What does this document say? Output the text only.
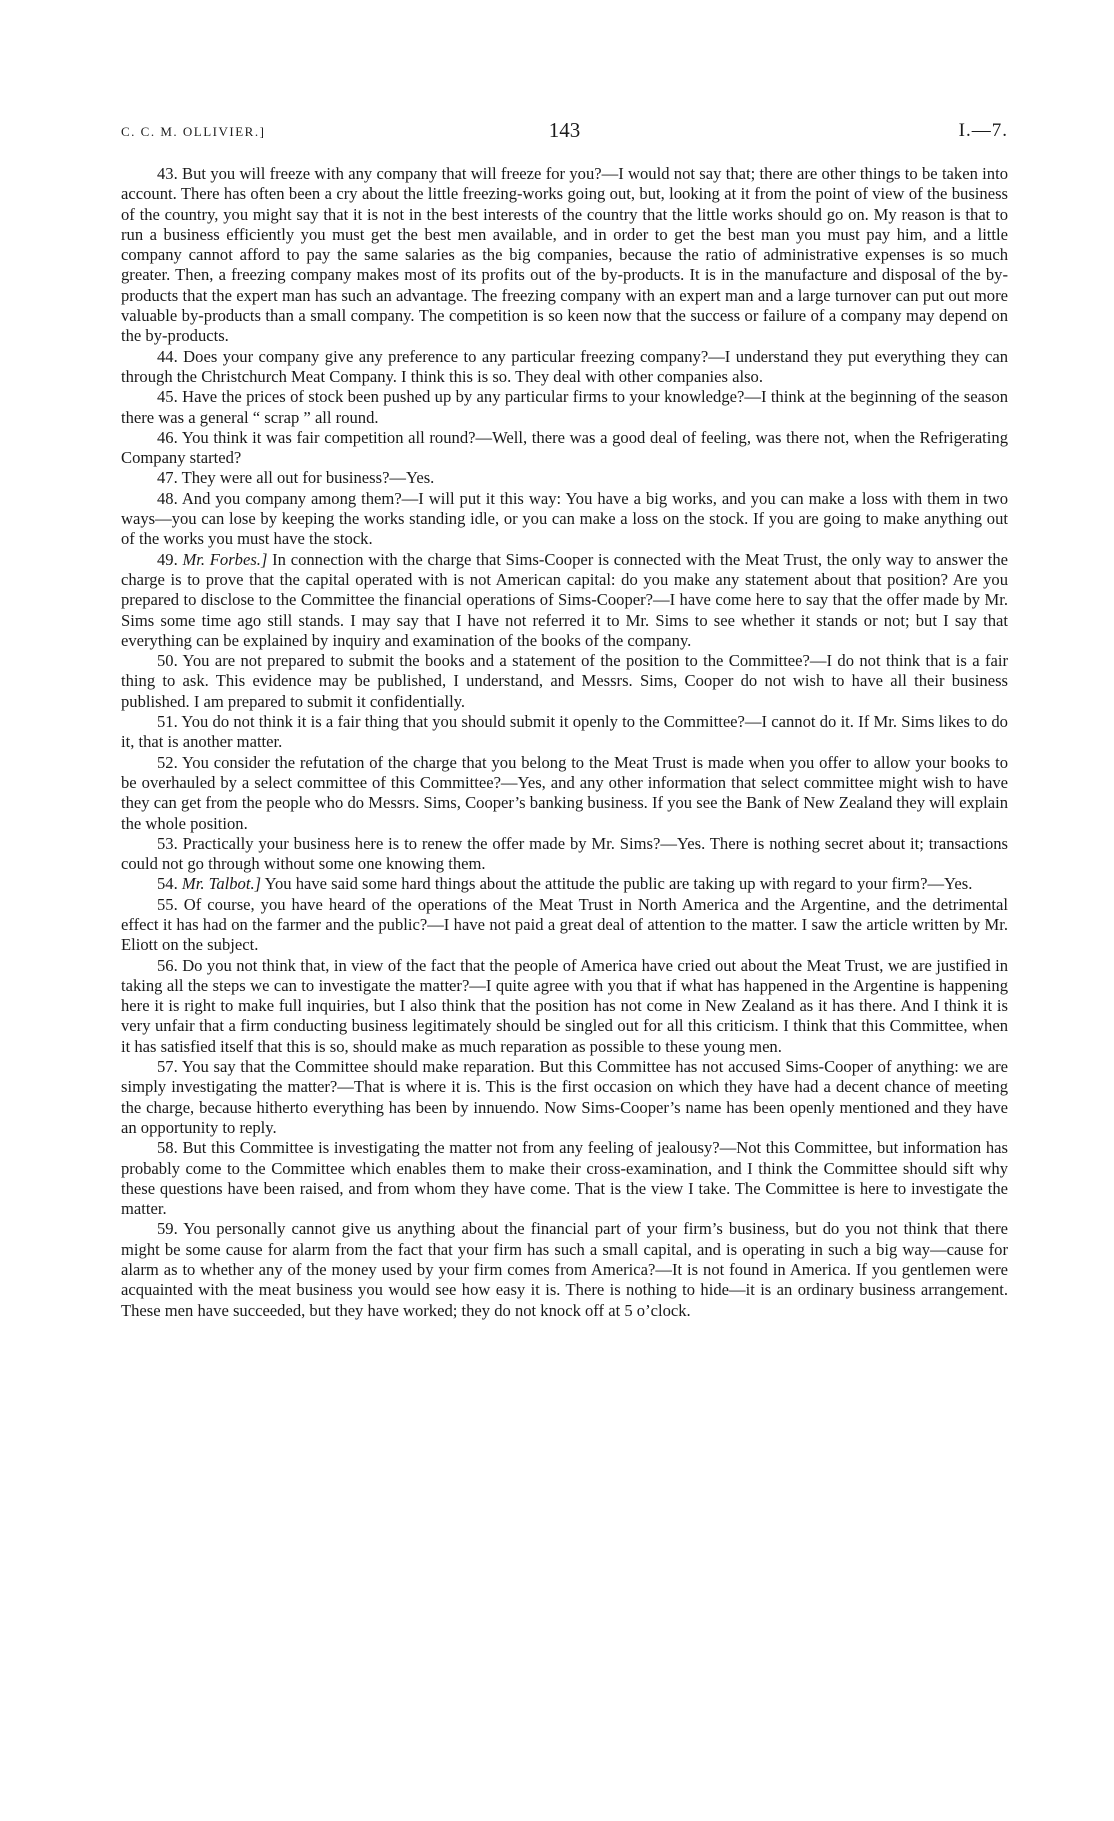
C. C. M. OLLIVIER.]	143	I.—7.

43. But you will freeze with any company that will freeze for you?—I would not say that; there are other things to be taken into account. There has often been a cry about the little freezing-works going out, but, looking at it from the point of view of the business of the country, you might say that it is not in the best interests of the country that the little works should go on. My reason is that to run a business efficiently you must get the best men available, and in order to get the best man you must pay him, and a little company cannot afford to pay the same salaries as the big companies, because the ratio of administrative expenses is so much greater. Then, a freezing company makes most of its profits out of the by-products. It is in the manufacture and disposal of the by-products that the expert man has such an advantage. The freezing company with an expert man and a large turnover can put out more valuable by-products than a small company. The competition is so keen now that the success or failure of a company may depend on the by-products.

44. Does your company give any preference to any particular freezing company?—I understand they put everything they can through the Christchurch Meat Company. I think this is so. They deal with other companies also.

45. Have the prices of stock been pushed up by any particular firms to your knowledge?—I think at the beginning of the season there was a general “ scrap ” all round.

46. You think it was fair competition all round?—Well, there was a good deal of feeling, was there not, when the Refrigerating Company started?

47. They were all out for business?—Yes.

48. And you company among them?—I will put it this way: You have a big works, and you can make a loss with them in two ways—you can lose by keeping the works standing idle, or you can make a loss on the stock. If you are going to make anything out of the works you must have the stock.

49. Mr. Forbes.] In connection with the charge that Sims-Cooper is connected with the Meat Trust, the only way to answer the charge is to prove that the capital operated with is not American capital: do you make any statement about that position? Are you prepared to disclose to the Committee the financial operations of Sims-Cooper?—I have come here to say that the offer made by Mr. Sims some time ago still stands. I may say that I have not referred it to Mr. Sims to see whether it stands or not; but I say that everything can be explained by inquiry and examination of the books of the company.

50. You are not prepared to submit the books and a statement of the position to the Committee?—I do not think that is a fair thing to ask. This evidence may be published, I understand, and Messrs. Sims, Cooper do not wish to have all their business published. I am prepared to submit it confidentially.

51. You do not think it is a fair thing that you should submit it openly to the Committee?—I cannot do it. If Mr. Sims likes to do it, that is another matter.

52. You consider the refutation of the charge that you belong to the Meat Trust is made when you offer to allow your books to be overhauled by a select committee of this Committee?—Yes, and any other information that select committee might wish to have they can get from the people who do Messrs. Sims, Cooper’s banking business. If you see the Bank of New Zealand they will explain the whole position.

53. Practically your business here is to renew the offer made by Mr. Sims?—Yes. There is nothing secret about it; transactions could not go through without some one knowing them.

54. Mr. Talbot.] You have said some hard things about the attitude the public are taking up with regard to your firm?—Yes.

55. Of course, you have heard of the operations of the Meat Trust in North America and the Argentine, and the detrimental effect it has had on the farmer and the public?—I have not paid a great deal of attention to the matter. I saw the article written by Mr. Eliott on the subject.

56. Do you not think that, in view of the fact that the people of America have cried out about the Meat Trust, we are justified in taking all the steps we can to investigate the matter?—I quite agree with you that if what has happened in the Argentine is happening here it is right to make full inquiries, but I also think that the position has not come in New Zealand as it has there. And I think it is very unfair that a firm conducting business legitimately should be singled out for all this criticism. I think that this Committee, when it has satisfied itself that this is so, should make as much reparation as possible to these young men.

57. You say that the Committee should make reparation. But this Committee has not accused Sims-Cooper of anything: we are simply investigating the matter?—That is where it is. This is the first occasion on which they have had a decent chance of meeting the charge, because hitherto everything has been by innuendo. Now Sims-Cooper’s name has been openly mentioned and they have an opportunity to reply.

58. But this Committee is investigating the matter not from any feeling of jealousy?—Not this Committee, but information has probably come to the Committee which enables them to make their cross-examination, and I think the Committee should sift why these questions have been raised, and from whom they have come. That is the view I take. The Committee is here to investigate the matter.

59. You personally cannot give us anything about the financial part of your firm’s business, but do you not think that there might be some cause for alarm from the fact that your firm has such a small capital, and is operating in such a big way—cause for alarm as to whether any of the money used by your firm comes from America?—It is not found in America. If you gentlemen were acquainted with the meat business you would see how easy it is. There is nothing to hide—it is an ordinary business arrangement. These men have succeeded, but they have worked; they do not knock off at 5 o’clock.
